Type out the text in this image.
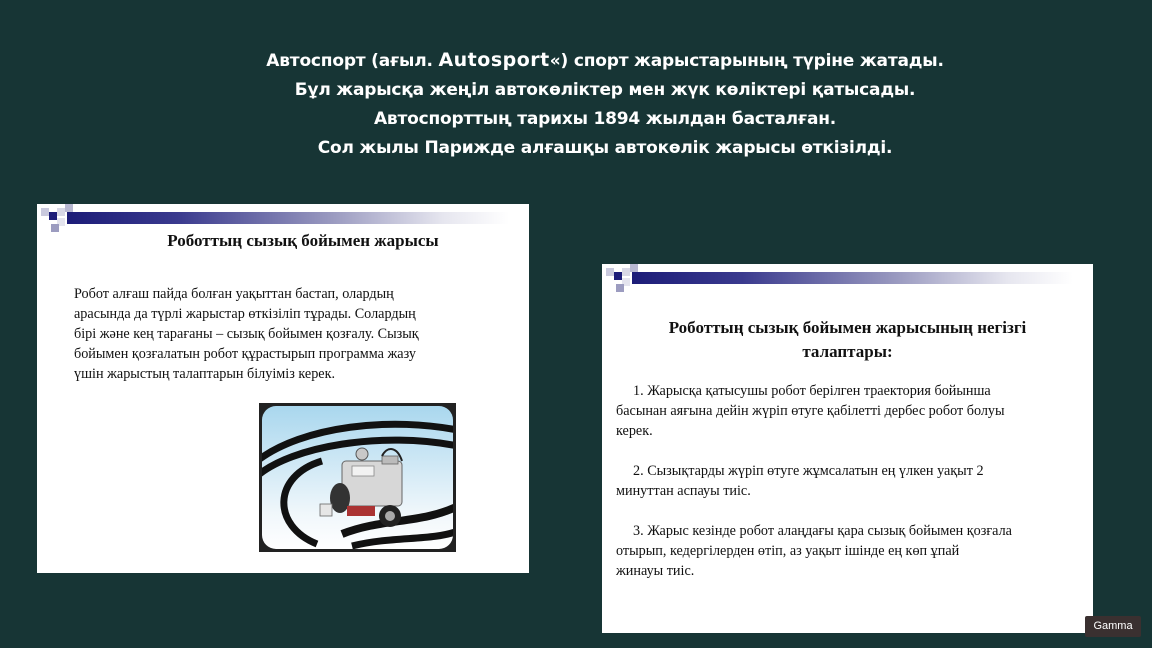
Автоспорт (ағыл. Autosport«) спорт жарыстарының түріне жатады.
Бұл жарысқа жеңіл автокөліктер мен жүк көліктері қатысады.
Автоспорттың тарихы 1894 жылдан басталған.
Сол жылы Парижде алғашқы автокөлік жарысы өткізілді.
Роботтың сызық бойымен жарысы
Робот алғаш пайда болған уақыттан бастап, олардың
арасында да түрлі жарыстар өткізіліп тұрады. Солардың
бірі және кең тарағаны – сызық бойымен қозғалу. Сызық
бойымен қозғалатын робот құрастырып программа жазу
үшін жарыстың талаптарын білуіміз керек.
Роботтың сызық бойымен жарысының негізгі
талаптары:
1. Жарысқа қатысушы робот берілген траектория бойынша
басынан аяғына дейін жүріп өтуге қабілетті дербес робот болуы
керек.
2. Сызықтарды жүріп өтуге жұмсалатын ең үлкен уақыт 2
минуттан аспауы тиіс.
3. Жарыс кезінде робот алаңдағы қара сызық бойымен қозғала
отырып, кедергілерден өтіп, аз уақыт ішінде ең көп ұпай
жинауы тиіс.
Gamma
